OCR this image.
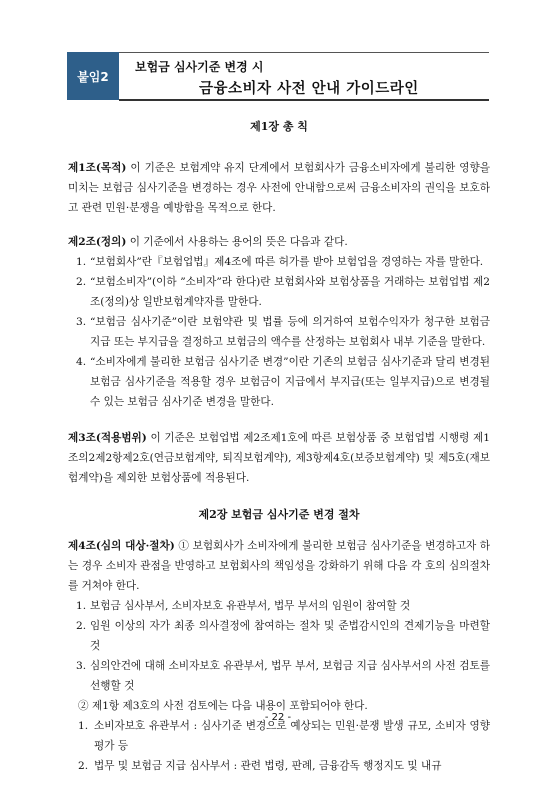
붙임2
보험금 심사기준 변경 시
금융소비자 사전 안내 가이드라인
제1장 총 칙
제1조(목적) 이 기준은 보험계약 유지 단계에서 보험회사가 금융소비자에게 불리한 영향을 미치는 보험금 심사기준을 변경하는 경우 사전에 안내함으로써 금융소비자의 권익을 보호하고 관련 민원·분쟁을 예방함을 목적으로 한다.
제2조(정의) 이 기준에서 사용하는 용어의 뜻은 다음과 같다.
1. “보험회사”란『보험업법』제4조에 따른 허가를 받아 보험업을 경영하는 자를 말한다.
2. “보험소비자”(이하 ”소비자”라 한다)란 보험회사와 보험상품을 거래하는 보험업법 제2조(정의)상 일반보험계약자를 말한다.
3. “보험금 심사기준”이란 보험약관 및 법률 등에 의거하여 보험수익자가 청구한 보험금 지급 또는 부지급을 결정하고 보험금의 액수를 산정하는 보험회사 내부 기준을 말한다.
4. “소비자에게 불리한 보험금 심사기준 변경”이란 기존의 보험금 심사기준과 달리 변경된 보험금 심사기준을 적용할 경우 보험금이 지급에서 부지급(또는 일부지급)으로 변경될 수 있는 보험금 심사기준 변경을 말한다.
제3조(적용범위) 이 기준은 보험업법 제2조제1호에 따른 보험상품 중 보험업법 시행령 제1조의2제2항제2호(연금보험계약, 퇴직보험계약), 제3항제4호(보증보험계약) 및 제5호(재보험계약)을 제외한 보험상품에 적용된다.
제2장 보험금 심사기준 변경 절차
제4조(심의 대상·절차) ① 보험회사가 소비자에게 불리한 보험금 심사기준을 변경하고자 하는 경우 소비자 관점을 반영하고 보험회사의 책임성을 강화하기 위해 다음 각 호의 심의절차를 거쳐야 한다.
1. 보험금 심사부서, 소비자보호 유관부서, 법무 부서의 임원이 참여할 것
2. 임원 이상의 자가 최종 의사결정에 참여하는 절차 및 준법감시인의 견제기능을 마련할 것
3. 심의안건에 대해 소비자보호 유관부서, 법무 부서, 보험금 지급 심사부서의 사전 검토를 선행할 것
② 제1항 제3호의 사전 검토에는 다음 내용이 포함되어야 한다.
1. 소비자보호 유관부서 : 심사기준 변경으로 예상되는 민원·분쟁 발생 규모, 소비자 영향 평가 등
2. 법무 및 보험금 지급 심사부서 : 관련 법령, 판례, 금융감독 행정지도 및 내규
- 22 -
